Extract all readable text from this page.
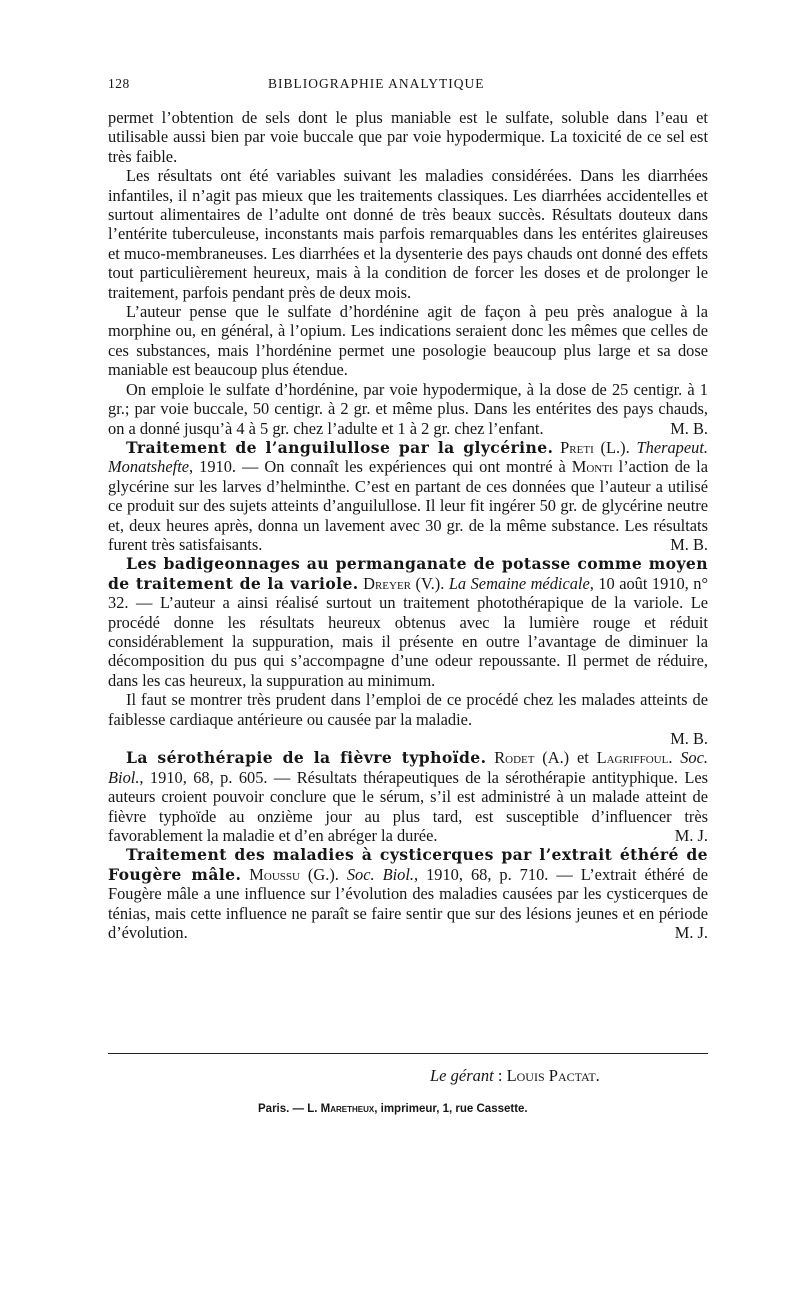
128	BIBLIOGRAPHIE ANALYTIQUE

permet l’obtention de sels dont le plus maniable est le sulfate, soluble dans l’eau et utilisable aussi bien par voie buccale que par voie hypodermique. La toxicité de ce sel est très faible.

Les résultats ont été variables suivant les maladies considérées. Dans les diarrhées infantiles, il n’agit pas mieux que les traitements classiques. Les diarrhées accidentelles et surtout alimentaires de l’adulte ont donné de très beaux succès. Résultats douteux dans l’entérite tuberculeuse, inconstants mais parfois remarquables dans les entérites glaireuses et muco-membraneuses. Les diarrhées et la dysenterie des pays chauds ont donné des effets tout particulièrement heureux, mais à la condition de forcer les doses et de prolonger le traitement, parfois pendant près de deux mois.

L’auteur pense que le sulfate d’hordénine agit de façon à peu près analogue à la morphine ou, en général, à l’opium. Les indications seraient donc les mêmes que celles de ces substances, mais l’hordénine permet une posologie beaucoup plus large et sa dose maniable est beaucoup plus étendue.

On emploie le sulfate d’hordénine, par voie hypodermique, à la dose de 25 centigr. à 1 gr.; par voie buccale, 50 centigr. à 2 gr. et même plus. Dans les entérites des pays chauds, on a donné jusqu’à 4 à 5 gr. chez l’adulte et 1 à 2 gr. chez l’enfant.	M. B.

Traitement de l’anguilullose par la glycérine. Preti (L.). Therapeut. Monatshefte, 1910. — On connaît les expériences qui ont montré à Monti l’action de la glycérine sur les larves d’helminthe. C’est en partant de ces données que l’auteur a utilisé ce produit sur des sujets atteints d’anguilullose. Il leur fit ingérer 50 gr. de glycérine neutre et, deux heures après, donna un lavement avec 30 gr. de la même substance. Les résultats furent très satisfaisants.	M. B.

Les badigeonnages au permanganate de potasse comme moyen de traitement de la variole. Dreyer (V.). La Semaine médicale, 10 août 1910, n° 32. — L’auteur a ainsi réalisé surtout un traitement photothérapique de la variole. Le procédé donne les résultats heureux obtenus avec la lumière rouge et réduit considérablement la suppuration, mais il présente en outre l’avantage de diminuer la décomposition du pus qui s’accompagne d’une odeur repoussante. Il permet de réduire, dans les cas heureux, la suppuration au minimum.

Il faut se montrer très prudent dans l’emploi de ce procédé chez les malades atteints de faiblesse cardiaque antérieure ou causée par la maladie.

M. B.

La sérothérapie de la fièvre typhoïde. Rodet (A.) et Lagriffoul. Soc. Biol., 1910, 68, p. 605. — Résultats thérapeutiques de la sérothérapie antityphique. Les auteurs croient pouvoir conclure que le sérum, s’il est administré à un malade atteint de fièvre typhoïde au onzième jour au plus tard, est susceptible d’influencer très favorablement la maladie et d’en abréger la durée.	M. J.

Traitement des maladies à cysticerques par l’extrait éthéré de Fougère mâle. Moussu (G.). Soc. Biol., 1910, 68, p. 710. — L’extrait éthéré de Fougère mâle a une influence sur l’évolution des maladies causées par les cysticerques de ténias, mais cette influence ne paraît se faire sentir que sur des lésions jeunes et en période d’évolution.	M. J.

Le gérant : Louis Pactat.
Paris. — L. Maretheux, imprimeur, 1, rue Cassette.
